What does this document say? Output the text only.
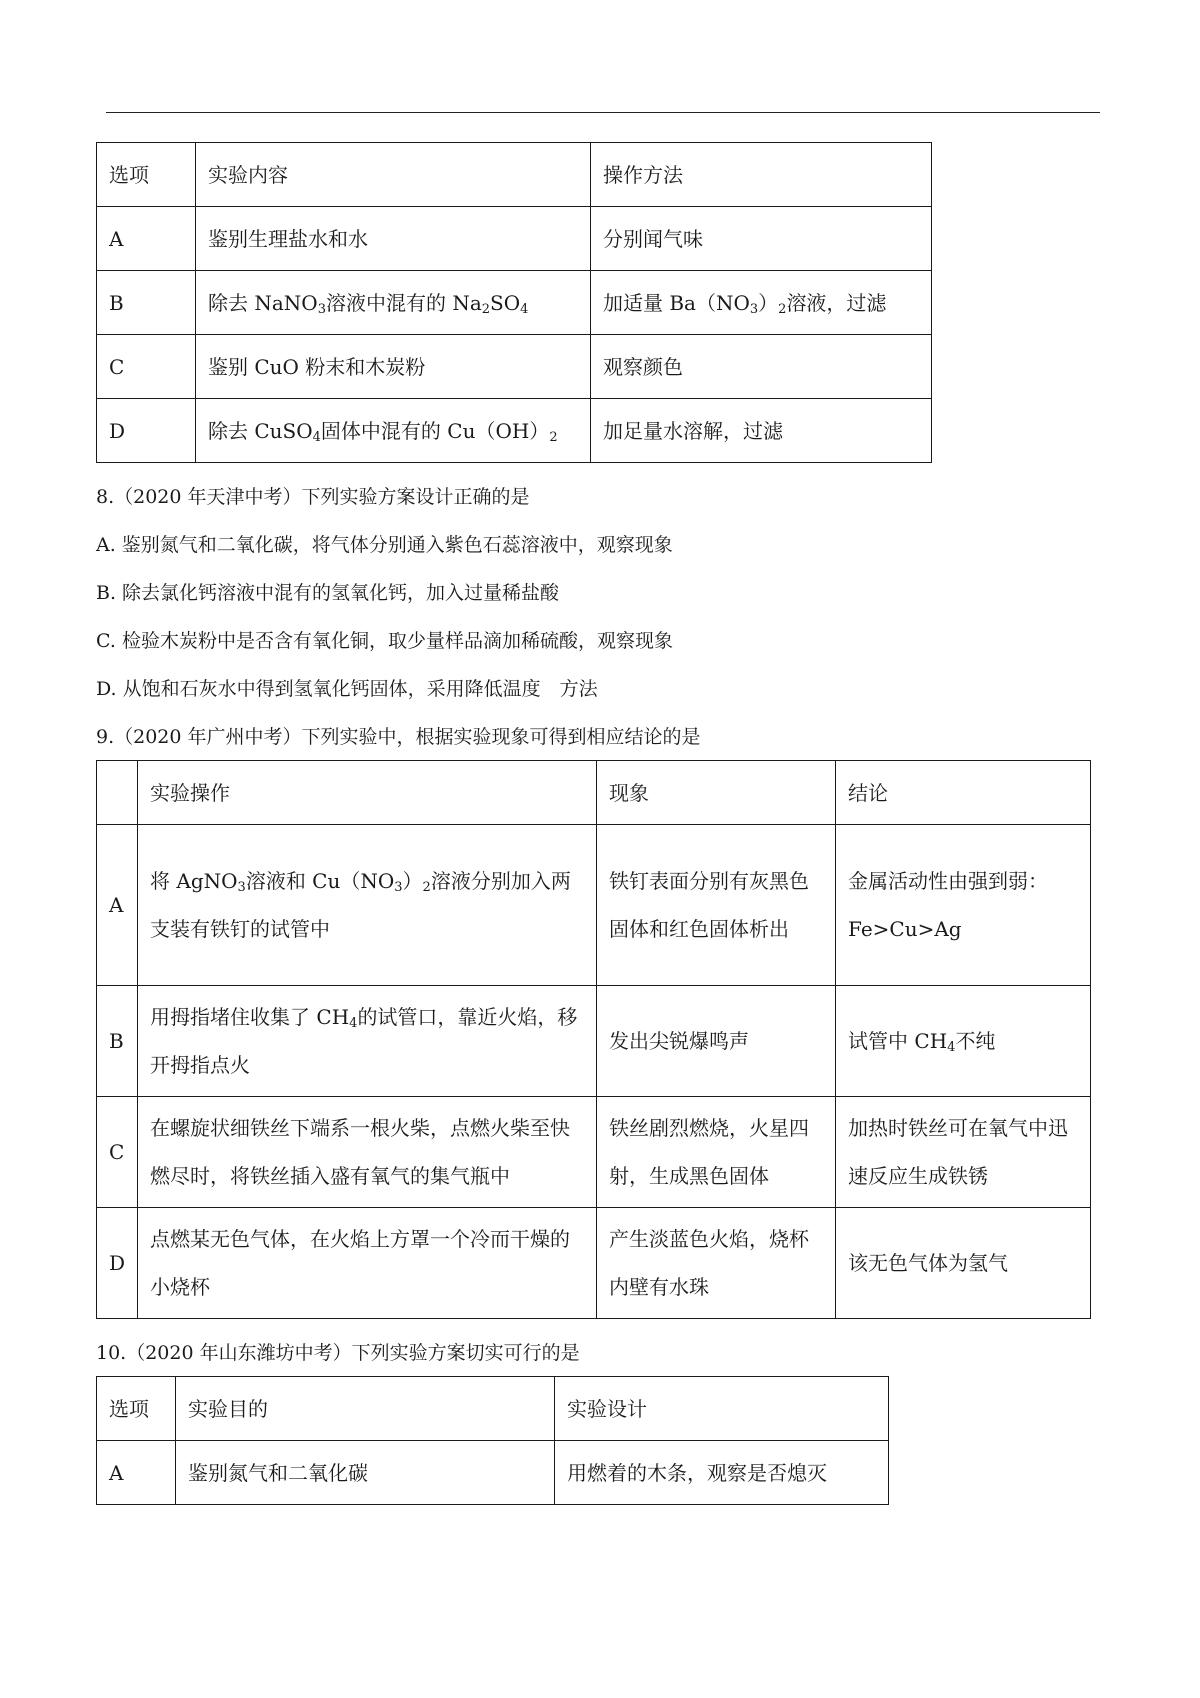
选项	实验内容	操作方法
A	鉴别生理盐水和水	分别闻气味
B	除去 NaNO$_3$溶液中混有的 $Na_2SO_4$	加适量 $Ba(NO_3)_2$溶液，过滤
C	鉴别 CuO 粉末和木炭粉	观察颜色
D	除去 CuSO$_4$固体中混有的 $Cu(OH)_2$	加足量水溶解，过滤
8.（2020 年天津中考）下列实验方案设计正确的是
A. 鉴别氮气和二氧化碳，将气体分别通入紫色石蕊溶液中，观察现象
B. 除去氯化钙溶液中混有的氢氧化钙，加入过量稀盐酸
C. 检验木炭粉中是否含有氧化铜，取少量样品滴加稀硫酸，观察现象
D. 从饱和石灰水中得到氢氧化钙固体，采用降低温度　方法
9.（2020 年广州中考）下列实验中，根据实验现象可得到相应结论的是
	实验操作	现象	结论
A	将 AgNO$_3$溶液和 $Cu(NO_3)_2$溶液分别加入两支装有铁钉的试管中	铁钉表面分别有灰黑色固体和红色固体析出	金属活动性由强到弱：
Fe>Cu>Ag
B	用拇指堵住收集了 $CH_4$的试管口，靠近火焰，移开拇指点火	发出尖锐爆鸣声	试管中 $CH_4$不纯
C	在螺旋状细铁丝下端系一根火柴，点燃火柴至快燃尽时，将铁丝插入盛有氧气的集气瓶中	铁丝剧烈燃烧，火星四射，生成黑色固体	加热时铁丝可在氧气中迅速反应生成铁锈
D	点燃某无色气体，在火焰上方罩一个冷而干燥的小烧杯	产生淡蓝色火焰，烧杯内壁有水珠	该无色气体为氢气
10.（2020 年山东潍坊中考）下列实验方案切实可行的是
选项	实验目的	实验设计
A	鉴别氮气和二氧化碳	用燃着的木条，观察是否熄灭
